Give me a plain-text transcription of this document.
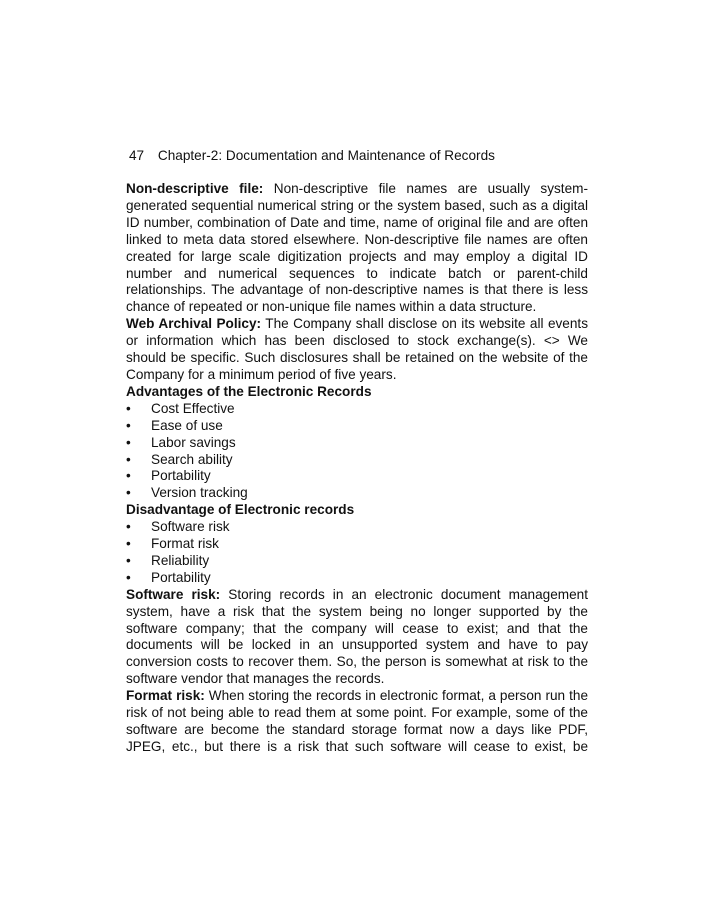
47 Chapter-2: Documentation and Maintenance of Records

Non-descriptive file: Non-descriptive file names are usually system-generated sequential numerical string or the system based, such as a digital ID number, combination of Date and time, name of original file and are often linked to meta data stored elsewhere. Non-descriptive file names are often created for large scale digitization projects and may employ a digital ID number and numerical sequences to indicate batch or parent-child relationships. The advantage of non-descriptive names is that there is less chance of repeated or non-unique file names within a data structure.

Web Archival Policy: The Company shall disclose on its website all events or information which has been disclosed to stock exchange(s). <> We should be specific. Such disclosures shall be retained on the website of the Company for a minimum period of five years.

Advantages of the Electronic Records
•	Cost Effective
•	Ease of use
•	Labor savings
•	Search ability
•	Portability
•	Version tracking
Disadvantage of Electronic records
•	Software risk
•	Format risk
•	Reliability
•	Portability

Software risk: Storing records in an electronic document management system, have a risk that the system being no longer supported by the software company; that the company will cease to exist; and that the documents will be locked in an unsupported system and have to pay conversion costs to recover them. So, the person is somewhat at risk to the software vendor that manages the records.

Format risk: When storing the records in electronic format, a person run the risk of not being able to read them at some point. For example, some of the software are become the standard storage format now a days like PDF, JPEG, etc., but there is a risk that such software will cease to exist, be
